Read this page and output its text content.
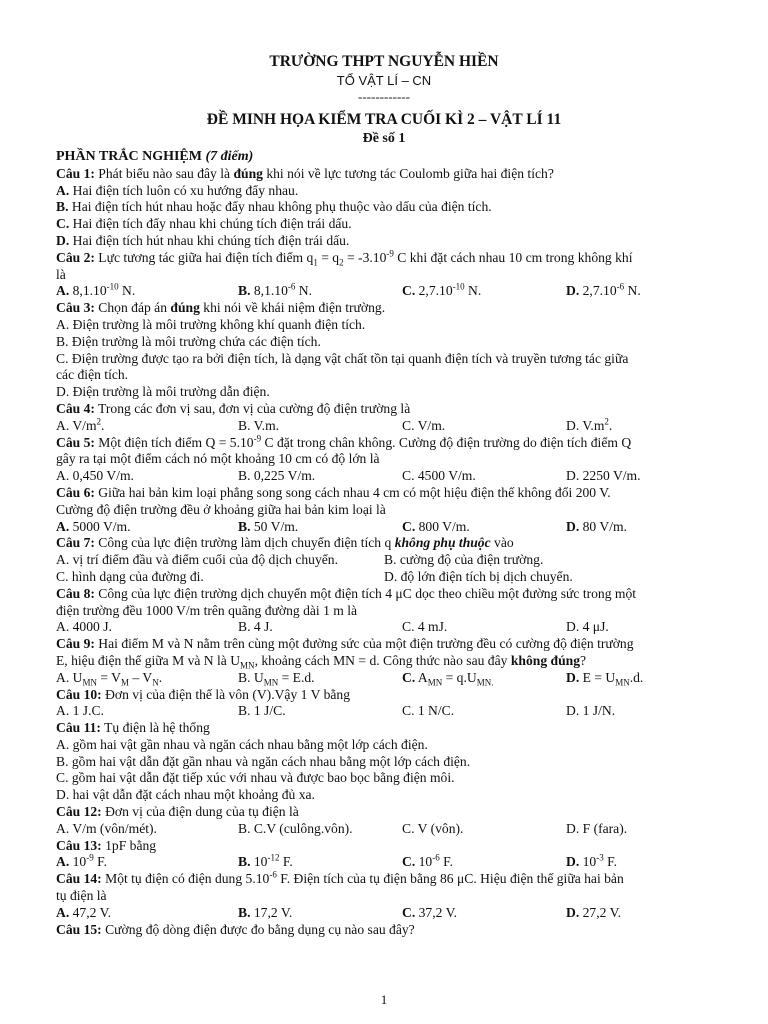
TRƯỜNG THPT NGUYỄN HIỀN
TỔ VẬT LÍ – CN
------------
ĐỀ MINH HỌA KIỂM TRA CUỐI KÌ 2 – VẬT LÍ 11
Đề số 1
PHẦN TRẮC NGHIỆM (7 điểm)
Câu 1: Phát biểu nào sau đây là đúng khi nói về lực tương tác Coulomb giữa hai điện tích?
A. Hai điện tích luôn có xu hướng đẩy nhau.
B. Hai điện tích hút nhau hoặc đẩy nhau không phụ thuộc vào dấu của điện tích.
C. Hai điện tích đẩy nhau khi chúng tích điện trái dấu.
D. Hai điện tích hút nhau khi chúng tích điện trái dấu.
Câu 2: Lực tương tác giữa hai điện tích điểm $q_1 = q_2 = -3.10^{-9}$ C khi đặt cách nhau 10 cm trong không khí
là
A. $8,1.10^{-10}$ N.	B. $8,1.10^{-6}$ N.	C. $2,7.10^{-10}$ N.	D. $2,7.10^{-6}$ N.
Câu 3: Chọn đáp án đúng khi nói về khái niệm điện trường.
A. Điện trường là môi trường không khí quanh điện tích.
B. Điện trường là môi trường chứa các điện tích.
C. Điện trường được tạo ra bởi điện tích, là dạng vật chất tồn tại quanh điện tích và truyền tương tác giữa
các điện tích.
D. Điện trường là môi trường dẫn điện.
Câu 4: Trong các đơn vị sau, đơn vị của cường độ điện trường là
A. $V/m^2$.	B. V.m.	C. V/m.	D. $V.m^2$.
Câu 5: Một điện tích điểm $Q = 5.10^{-9}$ C đặt trong chân không. Cường độ điện trường do điện tích điểm Q
gây ra tại một điểm cách nó một khoảng 10 cm có độ lớn là
A. 0,450 V/m.	B. 0,225 V/m.	C. 4500 V/m.	D. 2250 V/m.
Câu 6: Giữa hai bản kim loại phẳng song song cách nhau 4 cm có một hiệu điện thế không đổi 200 V.
Cường độ điện trường đều ở khoảng giữa hai bản kim loại là
A. 5000 V/m.	B. 50 V/m.	C. 800 V/m.	D. 80 V/m.
Câu 7: Công của lực điện trường làm dịch chuyển điện tích q không phụ thuộc vào
A. vị trí điểm đầu và điểm cuối của độ dịch chuyển.	B. cường độ của điện trường.
C. hình dạng của đường đi.	D. độ lớn điện tích bị dịch chuyển.
Câu 8: Công của lực điện trường dịch chuyển một điện tích 4 μC dọc theo chiều một đường sức trong một
điện trường đều 1000 V/m trên quãng đường dài 1 m là
A. 4000 J.	B. 4 J.	C. 4 mJ.	D. 4 μJ.
Câu 9: Hai điểm M và N nằm trên cùng một đường sức của một điện trường đều có cường độ điện trường
E, hiệu điện thế giữa M và N là $U_{MN}$, khoảng cách MN = d. Công thức nào sau đây không đúng?
A. $U_{MN} = V_M - V_N$.	B. $U_{MN} = E.d$.	C. $A_{MN} = q.U_{MN.}$	D. $E = U_{MN}.d$.
Câu 10: Đơn vị của điện thế là vôn (V).Vậy 1 V bằng
A. 1 J.C.	B. 1 J/C.	C. 1 N/C.	D. 1 J/N.
Câu 11: Tụ điện là hệ thống
A. gồm hai vật gần nhau và ngăn cách nhau bằng một lớp cách điện.
B. gồm hai vật dẫn đặt gần nhau và ngăn cách nhau bằng một lớp cách điện.
C. gồm hai vật dẫn đặt tiếp xúc với nhau và được bao bọc bằng điện môi.
D. hai vật dẫn đặt cách nhau một khoảng đủ xa.
Câu 12: Đơn vị của điện dung của tụ điện là
A. V/m (vôn/mét).	B. C.V (culông.vôn).	C. V (vôn).	D. F (fara).
Câu 13: 1pF bằng
A. $10^{-9}$ F.	B. $10^{-12}$ F.	C. $10^{-6}$ F.	D. $10^{-3}$ F.
Câu 14: Một tụ điện có điện dung $5.10^{-6}$ F. Điện tích của tụ điện bằng 86 μC. Hiệu điện thế giữa hai bản
tụ điện là
A. 47,2 V.	B. 17,2 V.	C. 37,2 V.	D. 27,2 V.
Câu 15: Cường độ dòng điện được đo bằng dụng cụ nào sau đây?
1
